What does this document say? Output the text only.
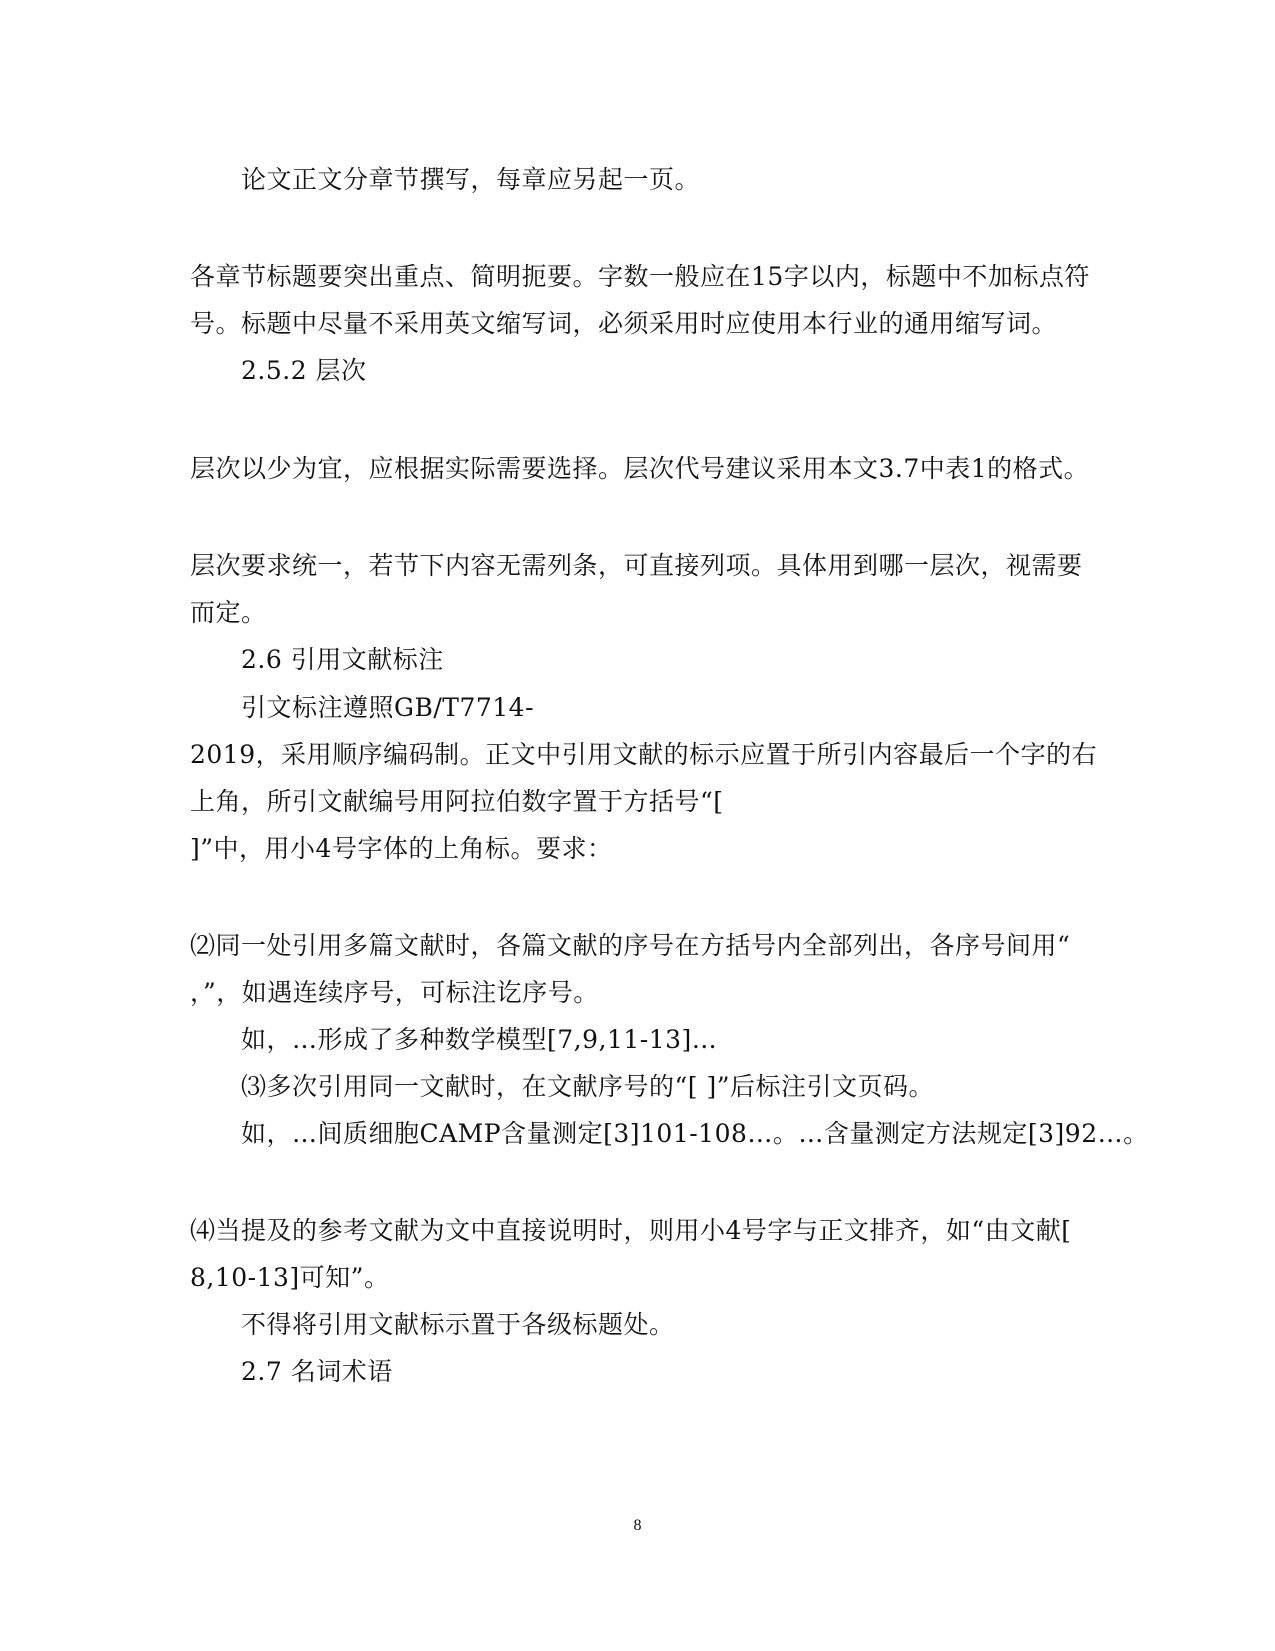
论文正文分章节撰写，每章应另起一页。
各章节标题要突出重点、简明扼要。字数一般应在15字以内，标题中不加标点符
号。标题中尽量不采用英文缩写词，必须采用时应使用本行业的通用缩写词。
2.5.2 层次
层次以少为宜，应根据实际需要选择。层次代号建议采用本文3.7中表1的格式。
层次要求统一，若节下内容无需列条，可直接列项。具体用到哪一层次，视需要
而定。
2.6 引用文献标注
引文标注遵照GB/T7714-
2019，采用顺序编码制。正文中引用文献的标示应置于所引内容最后一个字的右
上角，所引文献编号用阿拉伯数字置于方括号“[
]”中，用小4号字体的上角标。要求：
⑵同一处引用多篇文献时，各篇文献的序号在方括号内全部列出，各序号间用“
，”，如遇连续序号，可标注讫序号。
如，…形成了多种数学模型[7,9,11-13]…
⑶多次引用同一文献时，在文献序号的“[ ]”后标注引文页码。
如，…间质细胞CAMP含量测定[3]101-108…。…含量测定方法规定[3]92…。
⑷当提及的参考文献为文中直接说明时，则用小4号字与正文排齐，如“由文献[
8,10-13]可知”。
不得将引用文献标示置于各级标题处。
2.7 名词术语
8
